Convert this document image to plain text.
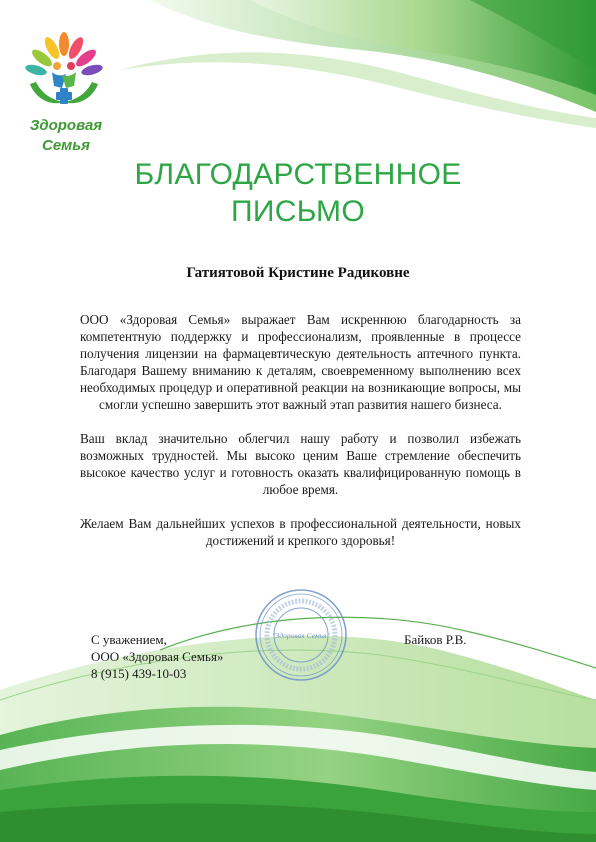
Здоровая
Семья
БЛАГОДАРСТВЕННОЕ
ПИСЬМО
Гатиятовой Кристине Радиковне

ООО «Здоровая Семья» выражает Вам искреннюю благодарность за компетентную поддержку и профессионализм, проявленные в процессе получения лицензии на фармацевтическую деятельность аптечного пункта. Благодаря Вашему вниманию к деталям, своевременному выполнению всех необходимых процедур и оперативной реакции на возникающие вопросы, мы смогли успешно завершить этот важный этап развития нашего бизнеса.

Ваш вклад значительно облегчил нашу работу и позволил избежать возможных трудностей. Мы высоко ценим Ваше стремление обеспечить высокое качество услуг и готовность оказать квалифицированную помощь в любое время.

Желаем Вам дальнейших успехов в профессиональной деятельности, новых достижений и крепкого здоровья!

"Здоровая Семья"
С уважением,
ООО «Здоровая Семья»
8 (915) 439-10-03
Байков Р.В.
